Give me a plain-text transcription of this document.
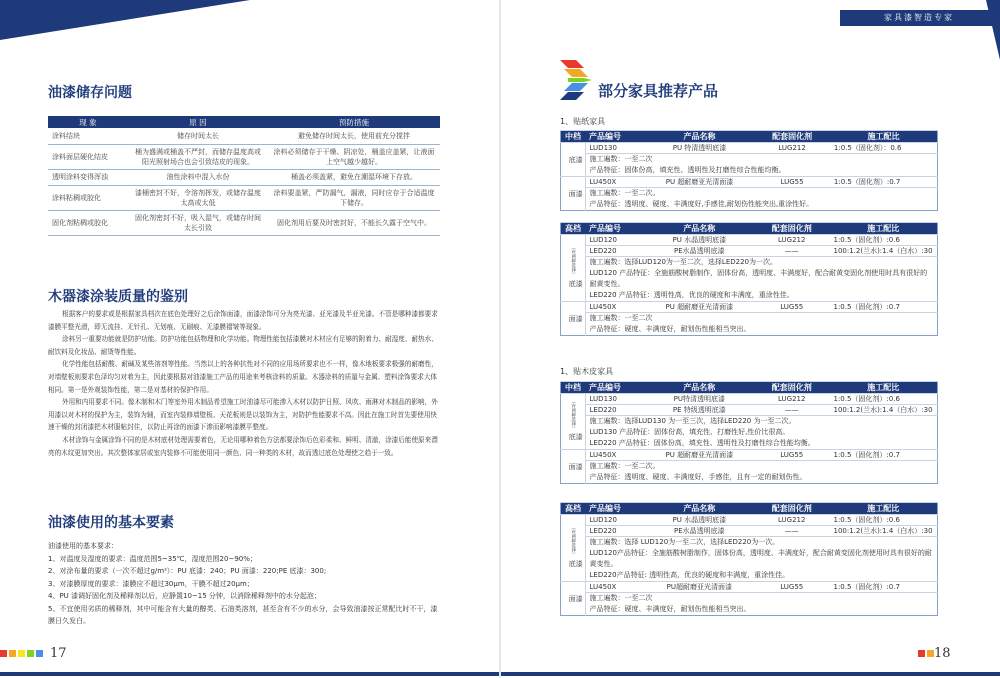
家具漆智造专家
油漆储存问题
现 象	原 因	预防措施
涂料结块	储存时间太长	避免储存时间太长，使用前充分搅拌
涂料面层硬化结皮	桶为盛满或桶盖不严封，而储存温度高或阳光照射场合也会引致结皮的现象。	涂料必须储存于干燥、阴凉处，桶盖应盖紧，让液面上空气越少越好。
透明涂料变得浑浊	油性涂料中混入水份	桶盖必须盖紧，避免在潮湿环境下存放。
涂料粘稠或胶化	漆桶密封不好，令溶剂挥发，或储存温度太高或太低	涂料要盖紧，严防漏气，漏液，同时应存于合适温度下储存。
固化剂粘稠或胶化	固化剂密封不好，吸入湿气，或储存时间太长引致	固化剂用后要及时密封好，不能长久露于空气中。
木器漆涂装质量的鉴别
根据客户的要求或是根据家具档次在底色处理好之后涂饰面漆，面漆涂饰可分为亮光漆、亚光漆及半亚光漆。不管是哪种漆都要求漆膜平整光滑，即无流挂、无针孔、无划痕、无刷痕、无漆膜褶皱等现象。
涂料另一重要功能就是防护功能。防护功能包括物理和化学功能。物理性能包括漆膜对木材应有足够的附着力、耐湿度、耐热水、耐饮料及化妆品、耐烫等性能。
化学性能包括耐酸、耐碱及某些溶剂等性能。当然以上的各种抗性对不同的应用场所要求也不一样，像木地板要求极强的耐磨性，对墙壁板则要求色泽均匀对着为主，因此要根据对油漆施工产品的用途来考核涂料的质量。木器涂料的质量与金属、塑料涂饰要求大体相同。第一是外观装饰性能，第二是对基材的保护作用。
外用和内用要求不同。像木制和木门等室外用木制品希望施工时油漆尽可能渗入木材以防护日照、风吹、雨淋对木制品的影响，外用漆以对木材的保护为主，装饰为辅，而室内装修墙壁板、天花板则是以装饰为主，对防护性能要求不高。因此在施工时首先要使用快速干燥的封闭漆把木材服帖封住，以防止再涂的面漆下渗而影响漆膜平整度。
木材涂饰与金属涂饰不同的是木材底材处理需要着色，无论用哪种着色方法都要涂饰后色彩柔和、鲜明、清澈，涂漆后能使原来漂亮的木纹更加突出。其次整体家居或室内装修不可能使用同一颜色、同一种类的木材，故而透过底色处理使之趋于一致。
油漆使用的基本要素
油漆使用的基本要求：
1、对温度及湿度的要求：温度范围5~35℃，湿度范围20~90%；
2、对涂布量的要求（一次不超过g/m²）：PU 底漆：240；PU 面漆：220;PE 底漆：300;
3、对漆膜厚度的要求：漆膜应不超过30μm，干膜不超过20μm；
4、PU 漆调好固化剂及稀释剂以后，应静置10~15 分钟，以消除稀释剂中的水分起泡；
5、不宜使用劣质的稀释剂，其中可能含有大量的醇类、石油类溶剂，甚至含有不少的水分，会导致油漆按正常配比时不干，漆膜日久发白。
17
部分家具推荐产品
1、贴纸家具
中档	产品编号	产品名称	配套固化剂	施工配比

底漆	LUD130	PU 特清透明底漆	LUG212	1:0.5（固化剂）：0.6

	施工遍数：一至二次
产品特征：固体份高，填充性、透明性及打磨性综合性能均衡。			

面漆	LU450X	PU 超耐磨亚光清面漆	LUG55	1:0.5（固化剂）:0.7

	施工遍数：一至二次。
产品特征：透明度、硬度、丰满度好,手感佳,耐划伤性能突出,重涂性好。			
高档	产品编号	产品名称	配套固化剂	施工配比

（有两种选择）
底漆	LUD120	PU 水晶透明底漆	LUG212	1:0.5（固化剂）:0.6
	LED220	PE水晶透明底漆	——	100:1.2(兰水):1.4（白水）:30

	施工遍数：选择LUD120为一至二次，选择LED220为一次。
LUD120 产品特征：全施筋酸树脂制作，固体份高，透明度、丰满度好，配合耐黄变固化剂使用时具有很好的耐黄变性。
LED220 产品特征：透明性高，优良的硬度和丰满度，重涂性佳。			

面漆	LU450X	PU 超耐磨亚光清面漆	LUG55	1:0.5（固化剂）:0.7

	施工遍数：一至二次
产品特征：硬度、丰满度好，耐划伤性能相当突出。			
1、贴木皮家具
中档	产品编号	产品名称	配套固化剂	施工配比

（有两种选择）
底漆	LUD130	PU特清透明底漆	LUG212	1:0.5（固化剂）:0.6
	LED220	PE 特级透明底漆	——	100:1.2(兰水):1.4（白水）:30

	施工遍数：选择LUD130 为一至三次，选择LED220 为一至二次。
LUD130 产品特征：固体份高，填充性、打磨性好,性价比很高。
LED220 产品特征：固体份高，填充性、透明性及打磨性综合性能均衡。			

面漆	LU450X	PU 超耐磨亚光清面漆	LUG55	1:0.5（固化剂）:0.7

	施工遍数：一至二次。
产品特征：透明度、硬度、丰满度好，手感佳，且有一定的耐划伤性。			
高档	产品编号	产品名称	配套固化剂	施工配比

（有两种选择）
底漆	LUD120	PU 水晶透明底漆	LUG212	1:0.5（固化剂）:0.6
	LED220	PE水晶透明底漆	——	100:1.2(兰水):1.4（白水）:30

	施工遍数：选择 LUD120为一至二次，选择LED220为一次。
LUD120产品特征：全施筋酸树脂制作，固体份高，透明度、丰满度好，配合耐黄变固化剂使用时具有很好的耐黄变性。
LED220产品特征: 透明性高，优良的硬度和丰满度，重涂性佳。			

面漆	LU450X	PU超耐磨亚光清面漆	LUG55	1:0.5（固化剂）:0.7

	施工遍数：一至二次
产品特征：硬度、丰满度好，耐划伤性能相当突出。			
18
